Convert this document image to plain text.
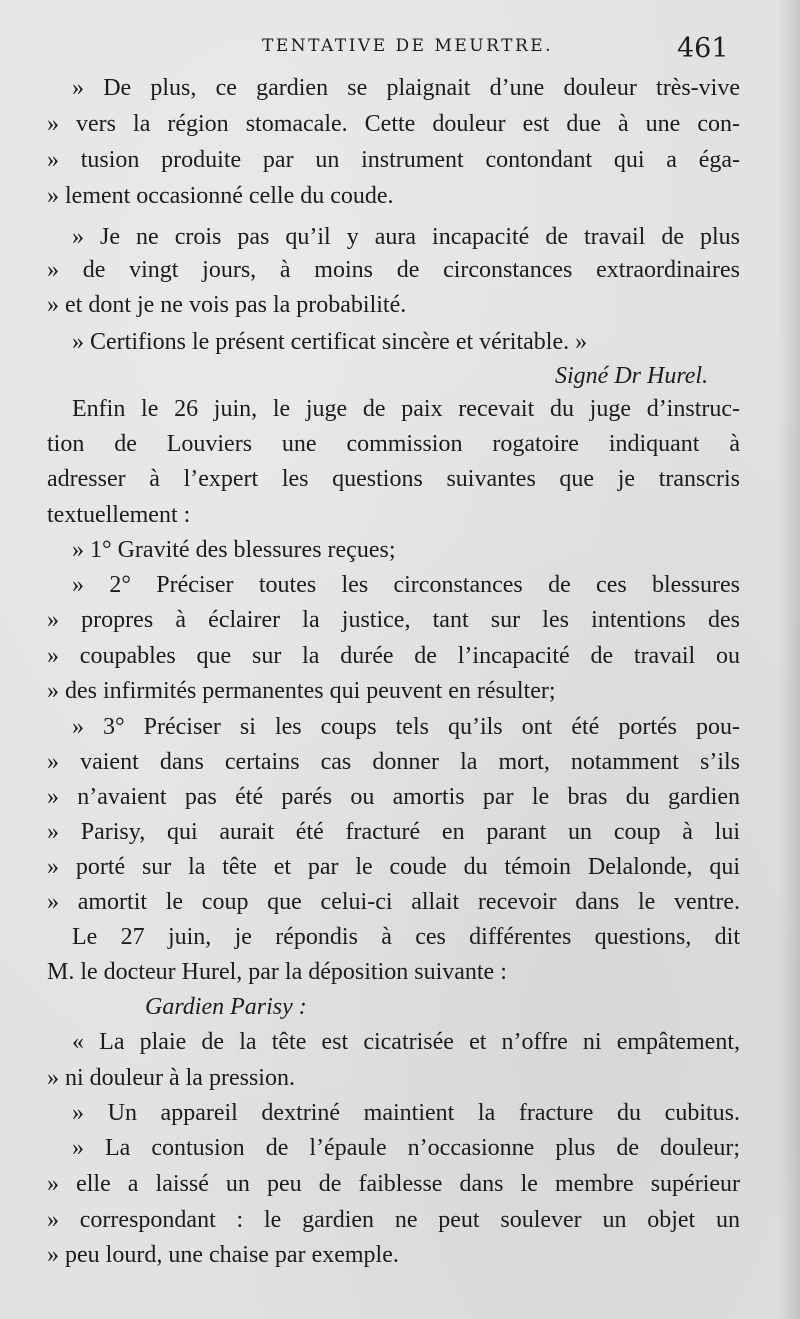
TENTATIVE DE MEURTRE.	461
» De plus, ce gardien se plaignait d’une douleur très-vive
» vers la région stomacale. Cette douleur est due à une con-
» tusion produite par un instrument contondant qui a éga-
» lement occasionné celle du coude.
» Je ne crois pas qu’il y aura incapacité de travail de plus
» de vingt jours, à moins de circonstances extraordinaires
» et dont je ne vois pas la probabilité.
» Certifions le présent certificat sincère et véritable. »
Signé Dr Hurel.
Enfin le 26 juin, le juge de paix recevait du juge d’instruc-
tion de Louviers une commission rogatoire indiquant à
adresser à l’expert les questions suivantes que je transcris
textuellement :
» 1° Gravité des blessures reçues;
» 2° Préciser toutes les circonstances de ces blessures
» propres à éclairer la justice, tant sur les intentions des
» coupables que sur la durée de l’incapacité de travail ou
» des infirmités permanentes qui peuvent en résulter;
» 3° Préciser si les coups tels qu’ils ont été portés pou-
» vaient dans certains cas donner la mort, notamment s’ils
» n’avaient pas été parés ou amortis par le bras du gardien
» Parisy, qui aurait été fracturé en parant un coup à lui
» porté sur la tête et par le coude du témoin Delalonde, qui
» amortit le coup que celui-ci allait recevoir dans le ventre.
Le 27 juin, je répondis à ces différentes questions, dit
M. le docteur Hurel, par la déposition suivante :
Gardien Parisy :
« La plaie de la tête est cicatrisée et n’offre ni empâtement,
» ni douleur à la pression.
» Un appareil dextriné maintient la fracture du cubitus.
» La contusion de l’épaule n’occasionne plus de douleur;
» elle a laissé un peu de faiblesse dans le membre supérieur
» correspondant : le gardien ne peut soulever un objet un
» peu lourd, une chaise par exemple.
